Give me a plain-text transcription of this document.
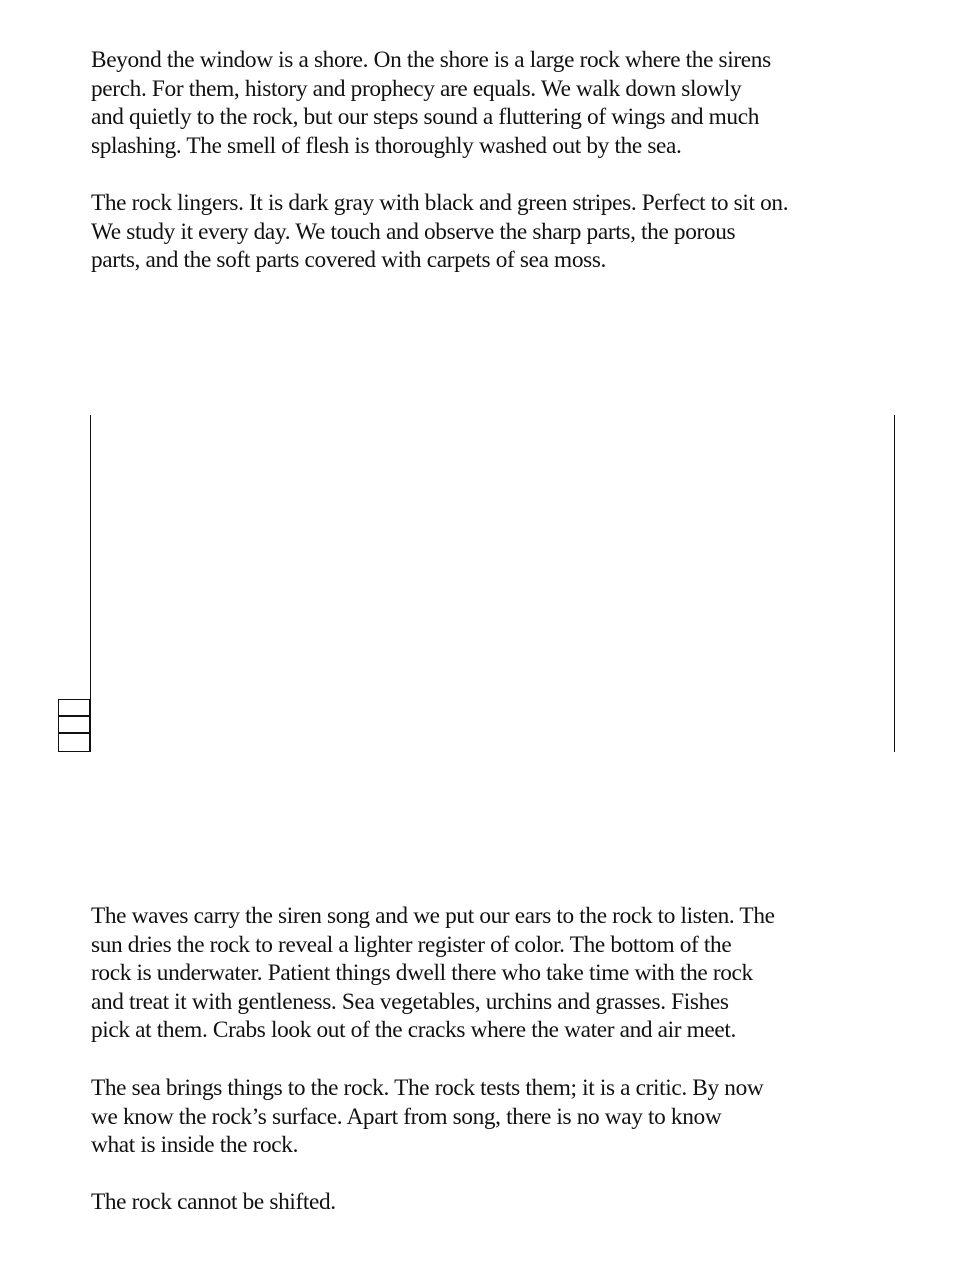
Beyond the window is a shore. On the shore is a large rock where the sirens
perch. For them, history and prophecy are equals. We walk down slowly
and quietly to the rock, but our steps sound a fluttering of wings and much
splashing. The smell of flesh is thoroughly washed out by the sea.

The rock lingers. It is dark gray with black and green stripes. Perfect to sit on.
We study it every day. We touch and observe the sharp parts, the porous
parts, and the soft parts covered with carpets of sea moss.

The waves carry the siren song and we put our ears to the rock to listen. The
sun dries the rock to reveal a lighter register of color. The bottom of the
rock is underwater. Patient things dwell there who take time with the rock
and treat it with gentleness. Sea vegetables, urchins and grasses. Fishes
pick at them. Crabs look out of the cracks where the water and air meet.

The sea brings things to the rock. The rock tests them; it is a critic. By now
we know the rock’s surface. Apart from song, there is no way to know
what is inside the rock.

The rock cannot be shifted.
